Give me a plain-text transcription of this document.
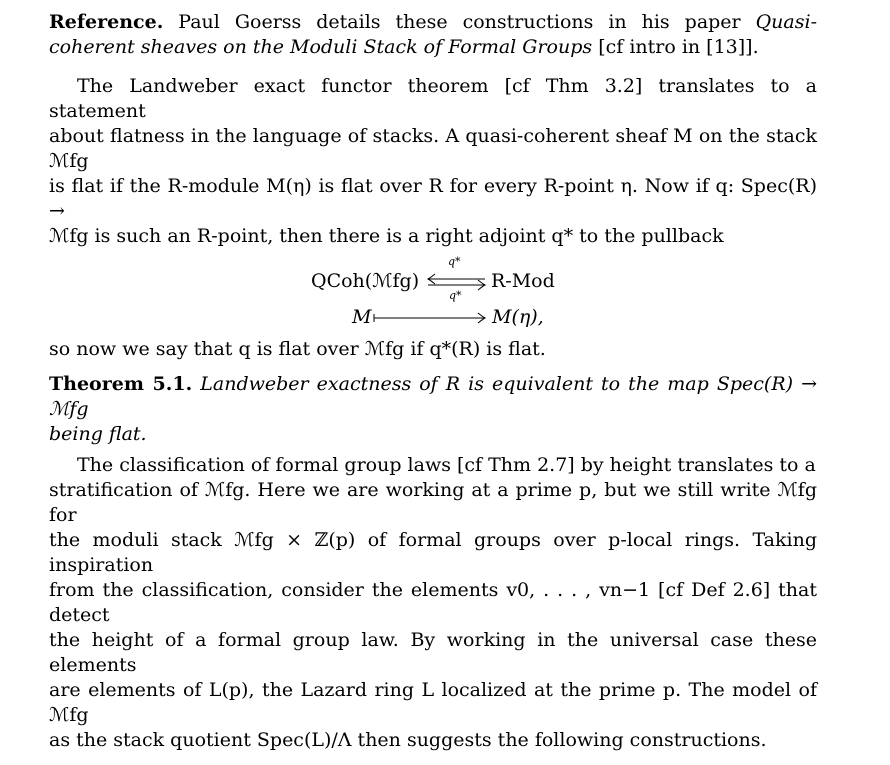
Reference. Paul Goerss details these constructions in his paper Quasi-coherent sheaves on the Moduli Stack of Formal Groups [cf intro in [13]].

The Landweber exact functor theorem [cf Thm 3.2] translates to a statement

about flatness in the language of stacks. A quasi-coherent sheaf M on the stack ℳfg

is flat if the R-module M(η) is flat over R for every R-point η. Now if q: Spec(R) →

ℳfg is such an R-point, then there is a right adjoint q* to the pullback

QCoh(ℳfg)	R-Mod
q*
q*
M	M(η),

so now we say that q is flat over ℳfg if q*(R) is flat.

Theorem 5.1. Landweber exactness of R is equivalent to the map Spec(R) → ℳfg

being flat.

The classification of formal group laws [cf Thm 2.7] by height translates to a

stratification of ℳfg. Here we are working at a prime p, but we still write ℳfg for

the moduli stack ℳfg × ℤ(p) of formal groups over p-local rings. Taking inspiration

from the classification, consider the elements v0, . . . , vn−1 [cf Def 2.6] that detect

the height of a formal group law. By working in the universal case these elements

are elements of L(p), the Lazard ring L localized at the prime p. The model of ℳfg

as the stack quotient Spec(L)/Λ then suggests the following constructions.
